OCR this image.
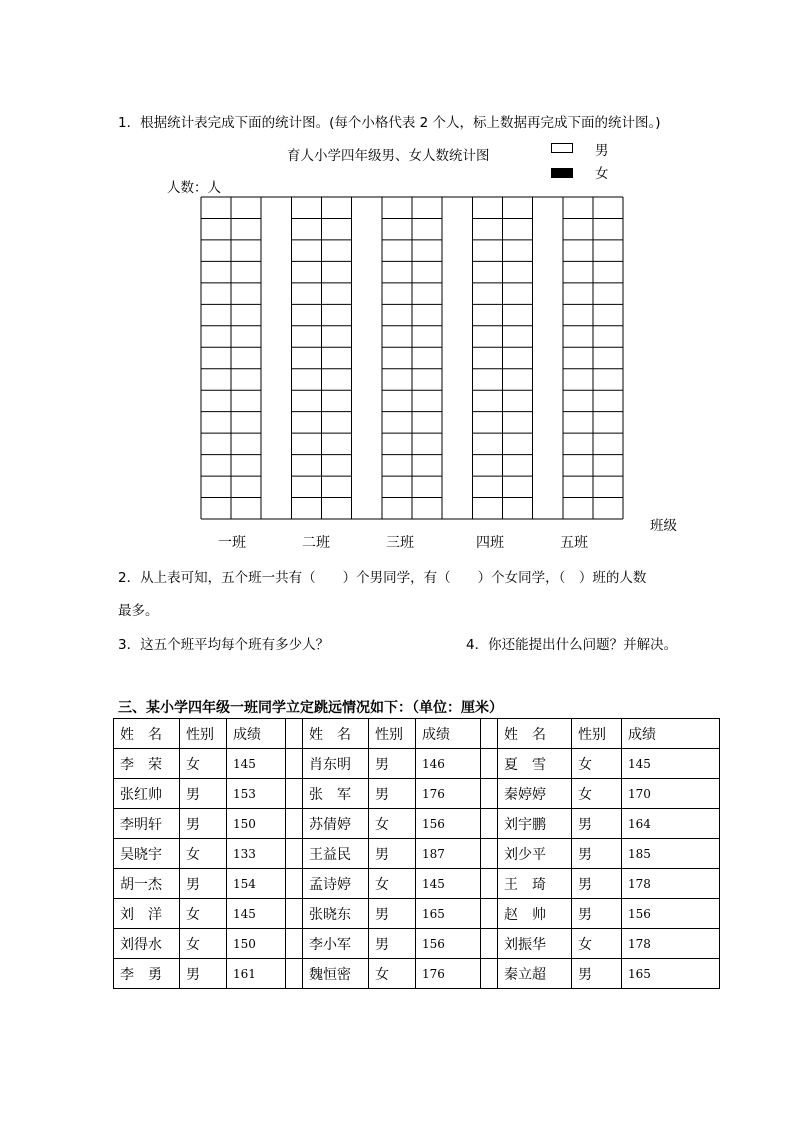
1．根据统计表完成下面的统计图。(每个小格代表 2 个人，标上数据再完成下面的统计图。)
育人小学四年级男、女人数统计图	男
女
人数：人
班级
一班	二班	三班	四班	五班
2．从上表可知，五个班一共有（　　）个男同学，有（　　）个女同学，（　）班的人数
最多。
3．这五个班平均每个班有多少人？	4．你还能提出什么问题？并解决。
三、某小学四年级一班同学立定跳远情况如下：（单位：厘米）
姓　名	性别	成绩		姓　名	性别	成绩		姓　名	性别	成绩
李　荣	女	145		肖东明	男	146		夏　雪	女	145
张红帅	男	153		张　军	男	176		秦婷婷	女	170
李明轩	男	150		苏倩婷	女	156		刘宇鹏	男	164
吴晓宇	女	133		王益民	男	187		刘少平	男	185
胡一杰	男	154		孟诗婷	女	145		王　琦	男	178
刘　洋	女	145		张晓东	男	165		赵　帅	男	156
刘得水	女	150		李小军	男	156		刘振华	女	178
李　勇	男	161		魏恒密	女	176		秦立超	男	165
